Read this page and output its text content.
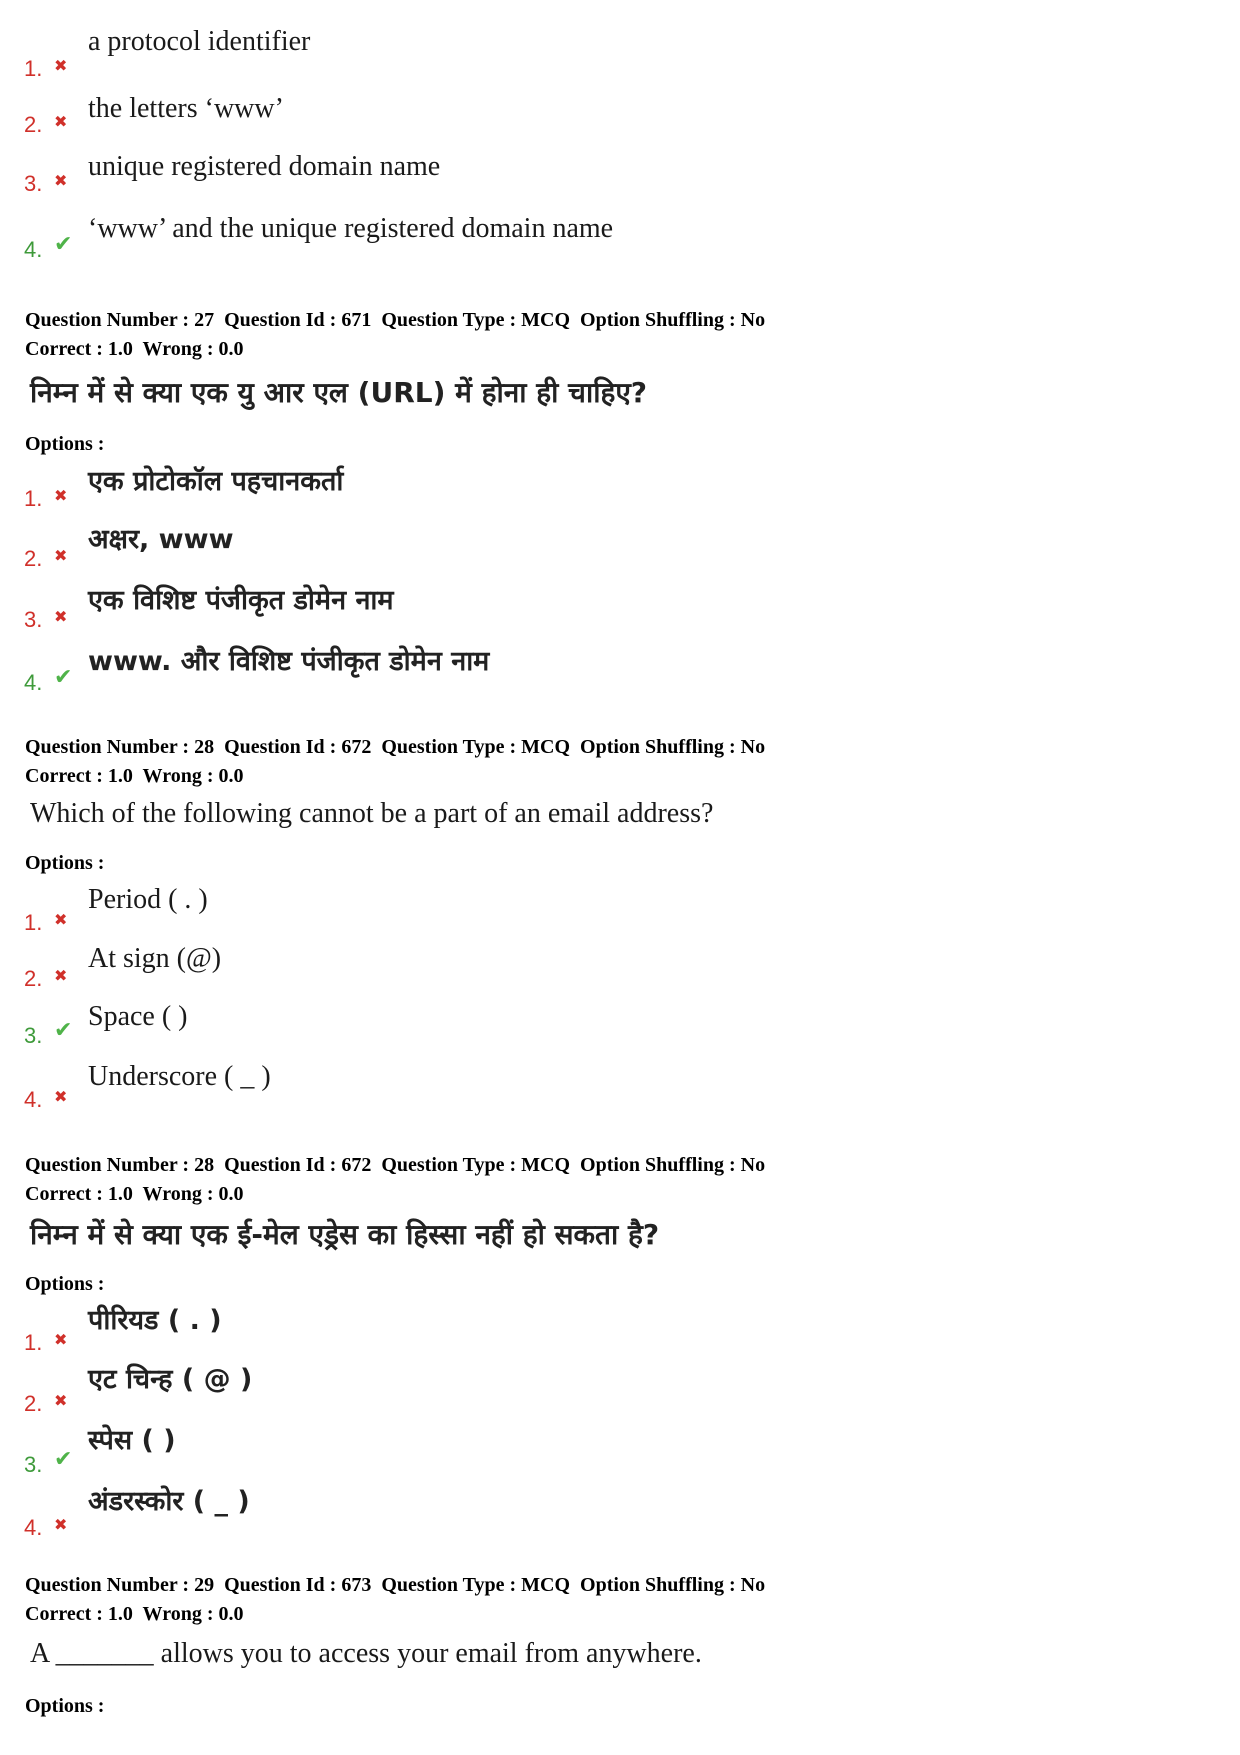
1. ✖
a protocol identifier
2. ✖ the letters ‘www’
3. ✖ unique registered domain name
4. ✔
‘www’ and the unique registered domain name
Question Number : 27  Question Id : 671  Question Type : MCQ  Option Shuffling : No
Correct : 1.0  Wrong : 0.0
निम्न में से क्या एक यु आर एल (URL) में होना ही चाहिए?
Options :
1. ✖ एक प्रोटोकॉल पहचानकर्ता
2. ✖
अक्षर, www
3. ✖
एक विशिष्ट पंजीकृत डोमेन नाम
4. ✔
www. और विशिष्ट पंजीकृत डोमेन नाम
Question Number : 28  Question Id : 672  Question Type : MCQ  Option Shuffling : No
Correct : 1.0  Wrong : 0.0
Which of the following cannot be a part of an email address?
Options :
1. ✖
Period ( . )
2. ✖
At sign (@)
3. ✔ Space ( )
4. ✖
Underscore ( _ )
Question Number : 28  Question Id : 672  Question Type : MCQ  Option Shuffling : No
Correct : 1.0  Wrong : 0.0
निम्न में से क्या एक ई-मेल एड्रेस का हिस्सा नहीं हो सकता है?
Options :
1. ✖
पीरियड ( . )
2. ✖
एट चिन्ह ( @ )
3. ✔
स्पेस ( )
4. ✖
अंडरस्कोर ( _ )
Question Number : 29  Question Id : 673  Question Type : MCQ  Option Shuffling : No
Correct : 1.0  Wrong : 0.0
A _______ allows you to access your email from anywhere.
Options :
